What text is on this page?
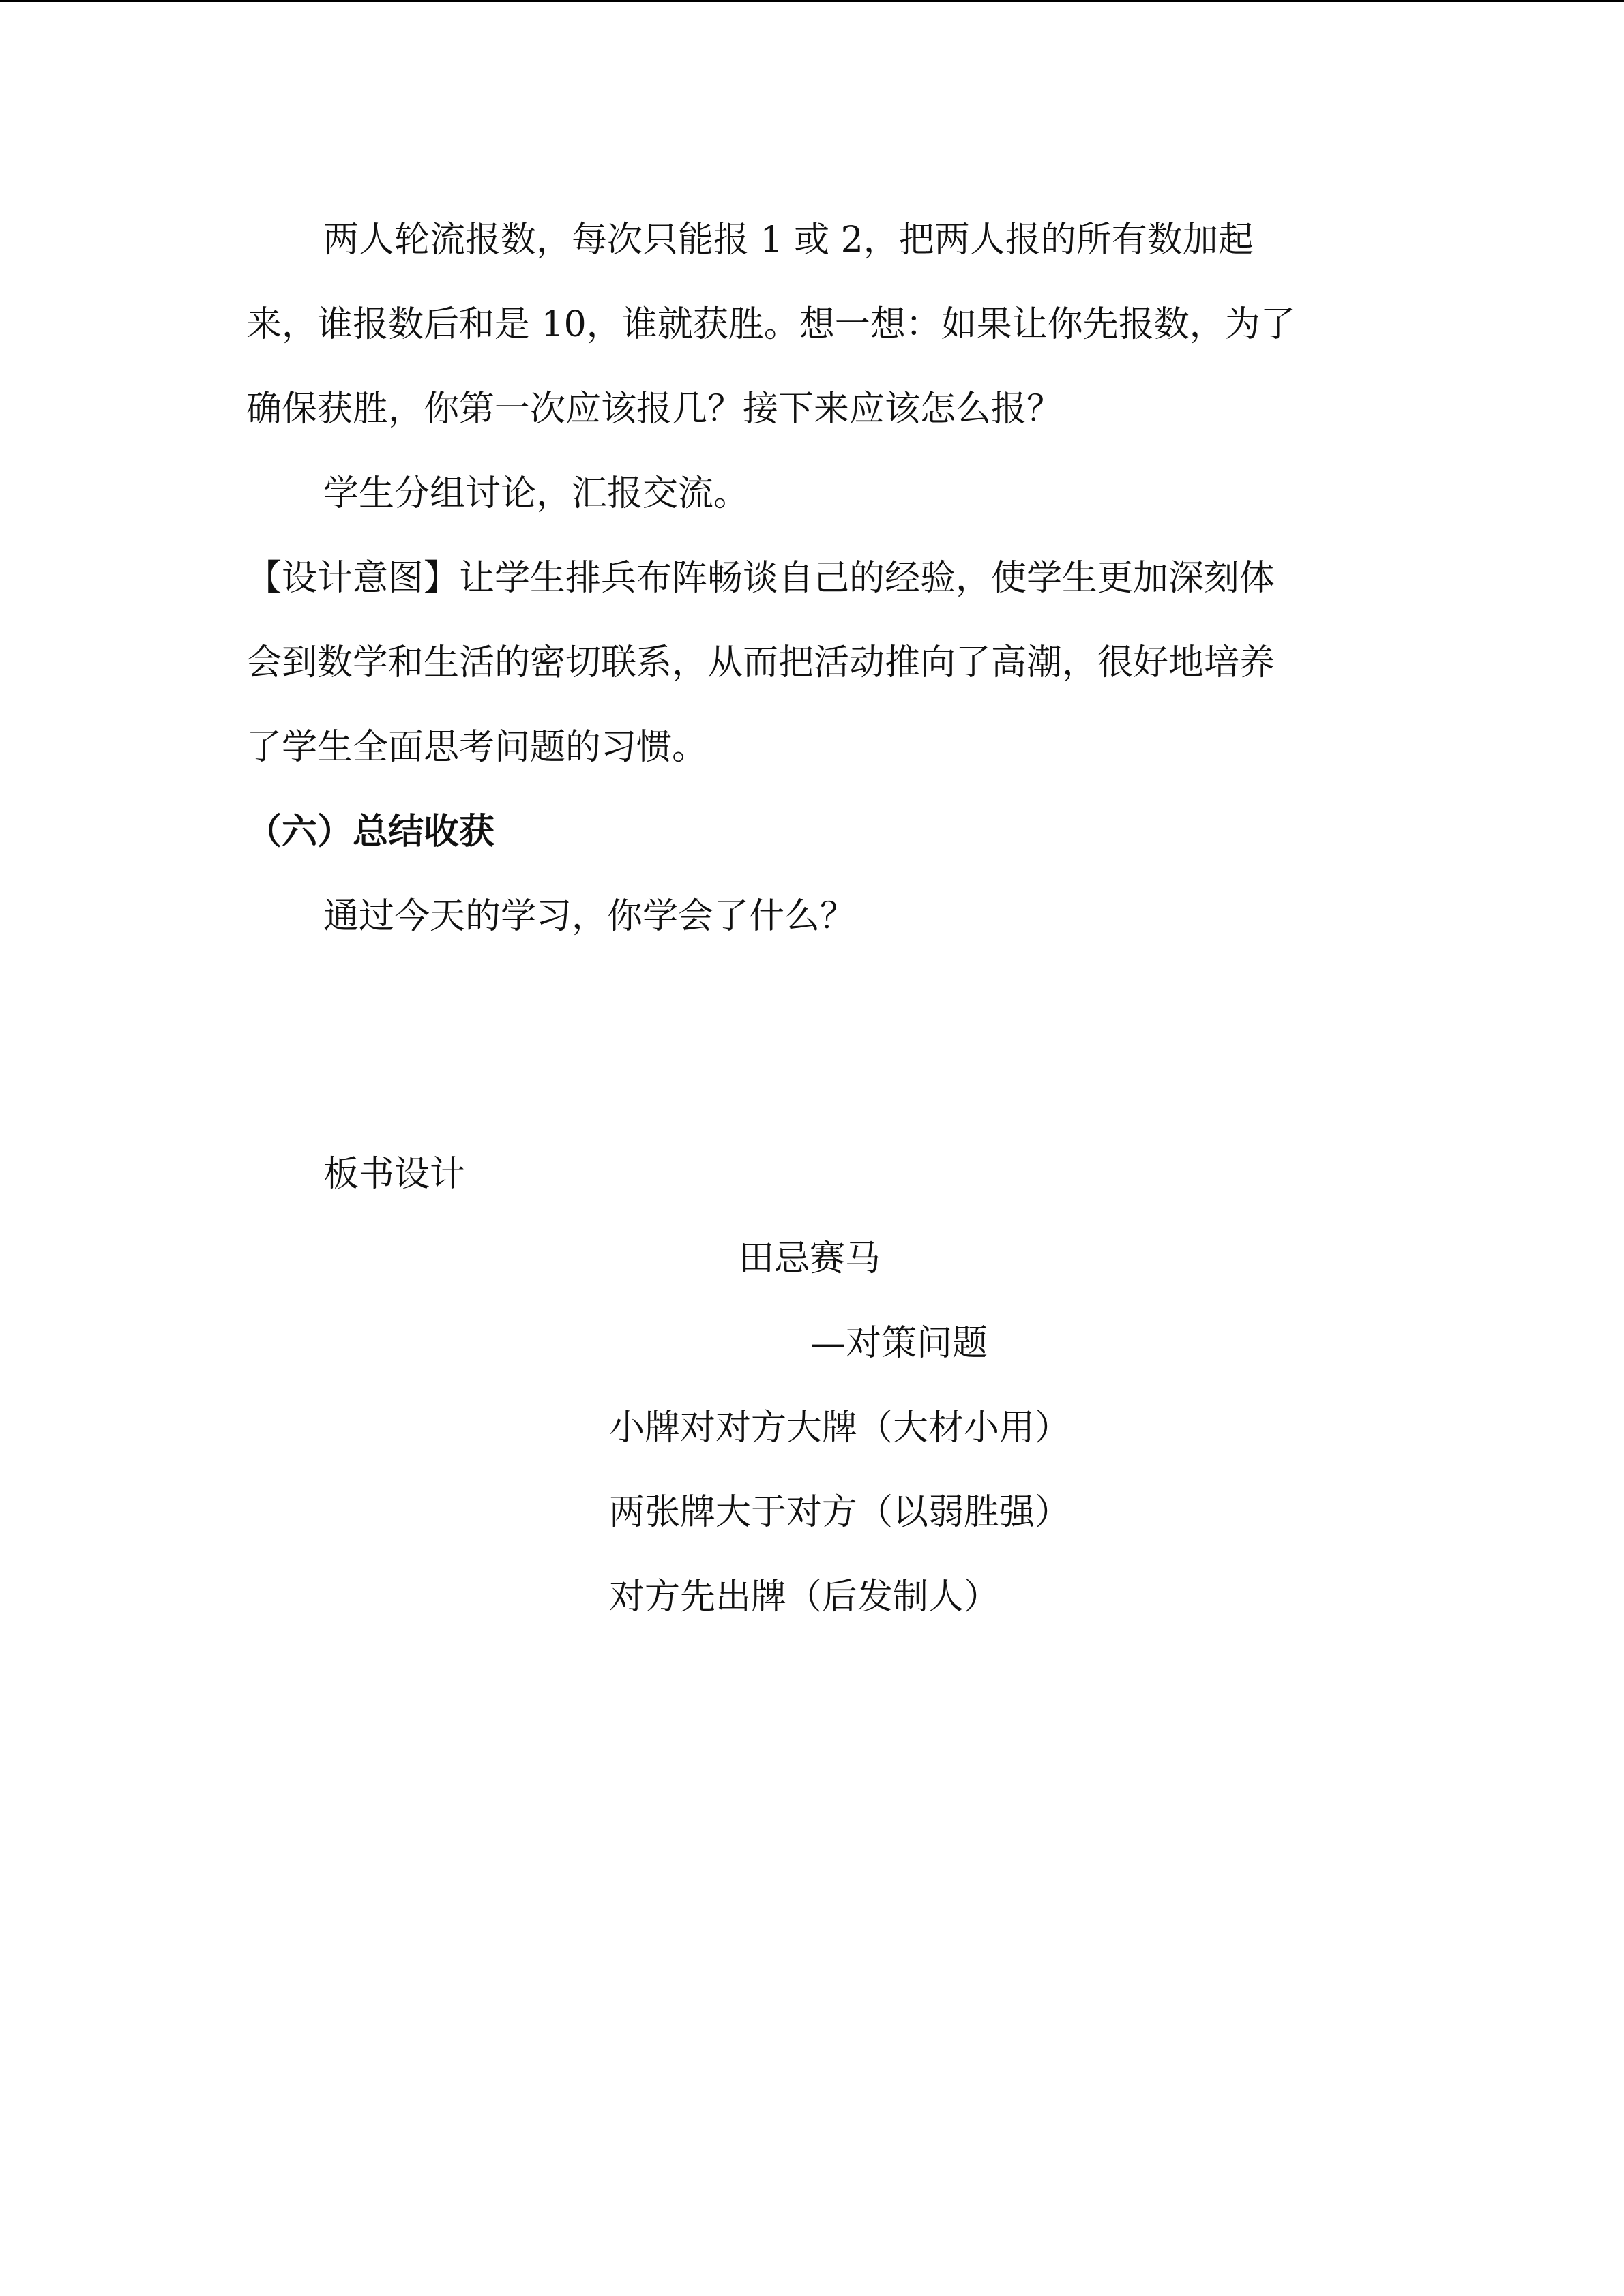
两人轮流报数，每次只能报 1 或 2，把两人报的所有数加起
来，谁报数后和是 10，谁就获胜。想一想：如果让你先报数，为了
确保获胜，你第一次应该报几？接下来应该怎么报？
学生分组讨论，汇报交流。
【设计意图】让学生排兵布阵畅谈自己的经验，使学生更加深刻体
会到数学和生活的密切联系，从而把活动推向了高潮，很好地培养
了学生全面思考问题的习惯。
（六）总结收获
通过今天的学习，你学会了什么？
板书设计
田忌赛马
—对策问题
小牌对对方大牌（大材小用）
两张牌大于对方（以弱胜强）
对方先出牌（后发制人）
